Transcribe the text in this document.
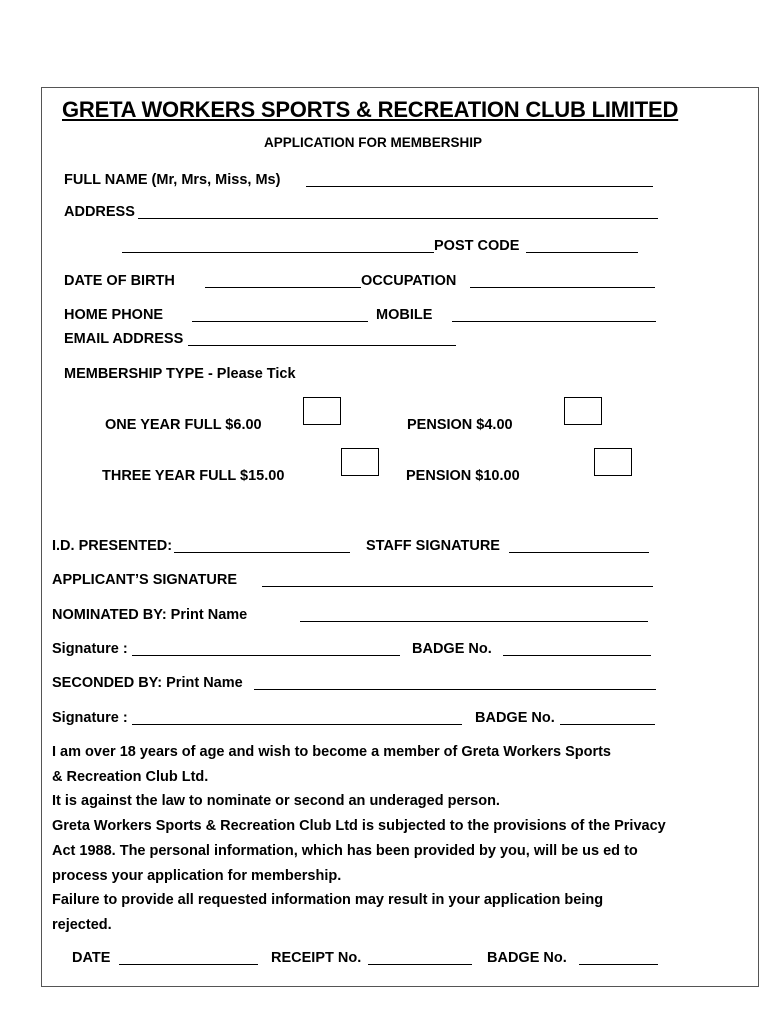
GRETA WORKERS SPORTS & RECREATION CLUB LIMITED
APPLICATION FOR MEMBERSHIP
FULL NAME (Mr, Mrs, Miss, Ms)
ADDRESS
POST CODE
DATE OF BIRTH	OCCUPATION
HOME PHONE	MOBILE
EMAIL ADDRESS
MEMBERSHIP TYPE - Please Tick
ONE YEAR FULL $6.00	PENSION $4.00
THREE YEAR FULL $15.00	PENSION $10.00
I.D. PRESENTED:	STAFF SIGNATURE
APPLICANT’S SIGNATURE
NOMINATED BY: Print Name
Signature :	BADGE No.
SECONDED BY: Print Name
Signature :	BADGE No.

I am over 18 years of age and wish to become a member of Greta Workers Sports

& Recreation Club Ltd.

It is against the law to nominate or second an underaged person.

Greta Workers Sports & Recreation Club Ltd is subjected to the provisions of the Privacy

Act 1988. The personal information, which has been provided by you, will be us ed to

process your application for membership.

Failure to provide all requested information may result in your application being

rejected.

DATE	RECEIPT No.	BADGE No.
